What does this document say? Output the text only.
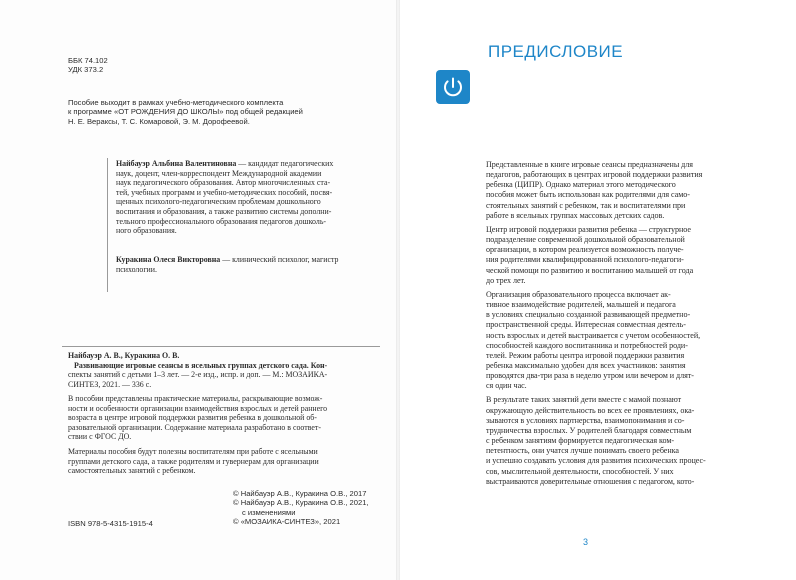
ББК 74.102
УДК 373.2
Пособие выходит в рамках учебно-методического комплекта
к программе «ОТ РОЖДЕНИЯ ДО ШКОЛЫ» под общей редакцией
Н. Е. Вераксы, Т. С. Комаровой, Э. М. Дорофеевой.
Найбауэр Альбина Валентиновна — кандидат педагогических
наук, доцент, член-корреспондент Международной академии
наук педагогического образования. Автор многочисленных ста-
тей, учебных программ и учебно-методических пособий, посвя-
щенных психолого-педагогическим проблемам дошкольного
воспитания и образования, а также развитию системы дополни-
тельного профессионального образования педагогов дошколь-
ного образования.
Куракина Олеся Викторовна — клинический психолог, магистр
психологии.
Найбауэр А. В., Куракина О. В.
Развивающие игровые сеансы в ясельных группах детского сада. Кон-
спекты занятий с детьми 1–3 лет. — 2-е изд., испр. и доп. — М.: МОЗАИКА-
СИНТЕЗ, 2021. — 336 с.
В пособии представлены практические материалы, раскрывающие возмож-
ности и особенности организации взаимодействия взрослых и детей раннего
возраста в центре игровой поддержки развития ребенка в дошкольной об-
разовательной организации. Содержание материала разработано в соответ-
ствии с ФГОС ДО.
Материалы пособия будут полезны воспитателям при работе с ясельными
группами детского сада, а также родителям и гувернерам для организации
самостоятельных занятий с ребенком.
© Найбауэр А.В., Куракина О.В., 2017
© Найбауэр А.В., Куракина О.В., 2021,
с изменениями
© «МОЗАИКА-СИНТЕЗ», 2021
ISBN 978-5-4315-1915-4
ПРЕДИСЛОВИЕ
Представленные в книге игровые сеансы предназначены для
педагогов, работающих в центрах игровой поддержки развития
ребенка (ЦИПР). Однако материал этого методического
пособия может быть использован как родителями для само-
стоятельных занятий с ребенком, так и воспитателями при
работе в ясельных группах массовых детских садов.
Центр игровой поддержки развития ребенка — структурное
подразделение современной дошкольной образовательной
организации, в котором реализуется возможность получе-
ния родителями квалифицированной психолого-педагоги-
ческой помощи по развитию и воспитанию малышей от года
до трех лет.
Организация образовательного процесса включает ак-
тивное взаимодействие родителей, малышей и педагога
в условиях специально созданной развивающей предметно-
пространственной среды. Интересная совместная деятель-
ность взрослых и детей выстраивается с учетом особенностей,
способностей каждого воспитанника и потребностей роди-
телей. Режим работы центра игровой поддержки развития
ребенка максимально удобен для всех участников: занятия
проводятся два-три раза в неделю утром или вечером и длят-
ся один час.
В результате таких занятий дети вместе с мамой познают
окружающую действительность во всех ее проявлениях, ока-
зываются в условиях партнерства, взаимопонимания и со-
трудничества взрослых. У родителей благодаря совместным
с ребенком занятиям формируется педагогическая ком-
петентность, они учатся лучше понимать своего ребенка
и успешно создавать условия для развития психических процес-
сов, мыслительной деятельности, способностей. У них
выстраиваются доверительные отношения с педагогом, кото-
3
